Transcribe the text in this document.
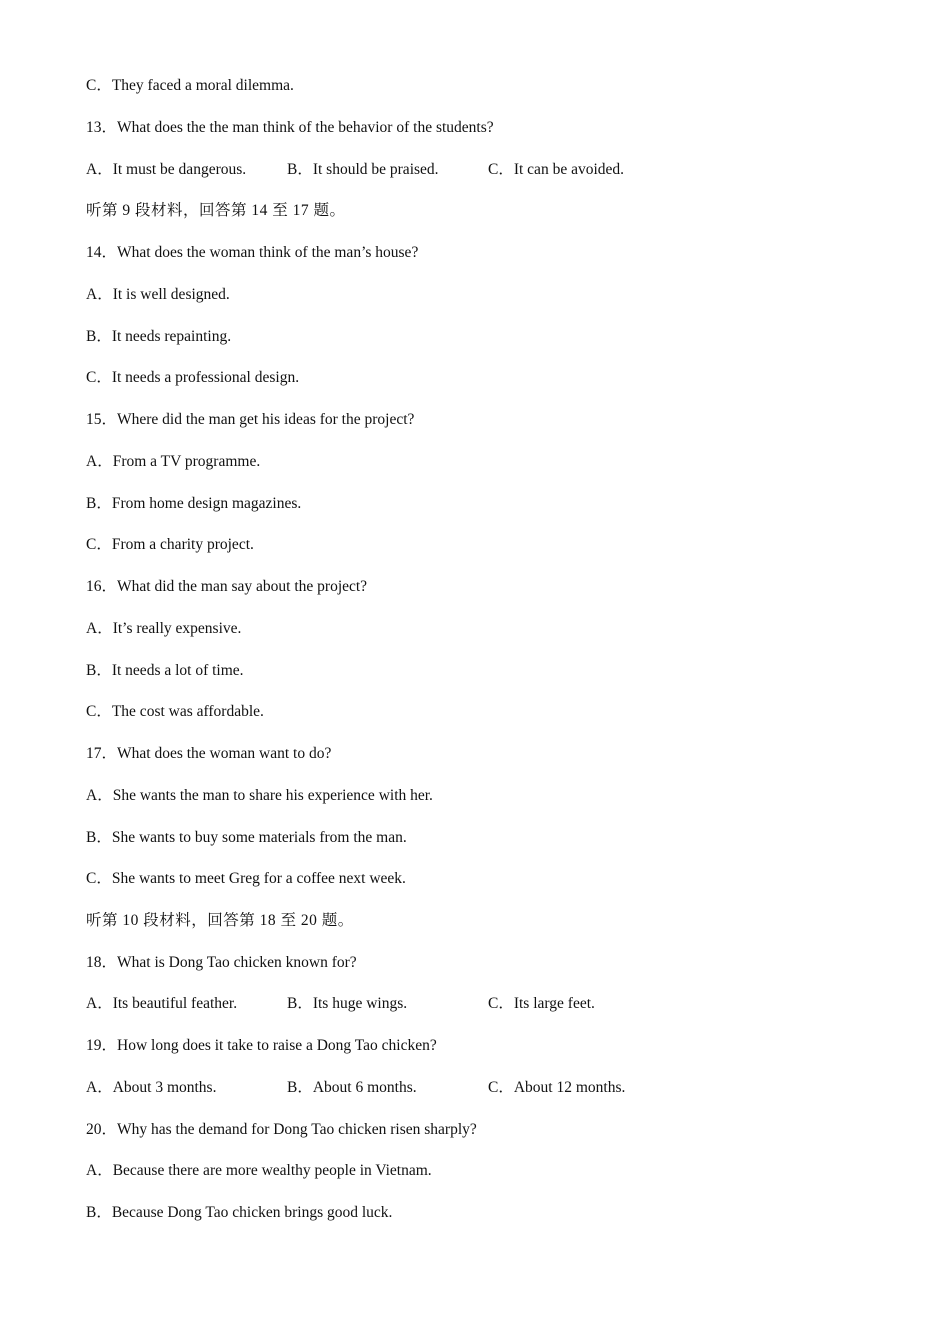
C．They faced a moral dilemma.
13．What does the the man think of the behavior of the students?
A．It must be dangerous.	B．It should be praised.	C．It can be avoided.
听第 9 段材料，回答第 14 至 17 题。
14．What does the woman think of the man’s house?
A．It is well designed.
B．It needs repainting.
C．It needs a professional design.
15．Where did the man get his ideas for the project?
A．From a TV programme.
B．From home design magazines.
C．From a charity project.
16．What did the man say about the project?
A．It’s really expensive.
B．It needs a lot of time.
C．The cost was affordable.
17．What does the woman want to do?
A．She wants the man to share his experience with her.
B．She wants to buy some materials from the man.
C．She wants to meet Greg for a coffee next week.
听第 10 段材料，回答第 18 至 20 题。
18．What is Dong Tao chicken known for?
A．Its beautiful feather.	B．Its huge wings.	C．Its large feet.
19．How long does it take to raise a Dong Tao chicken?
A．About 3 months.	B．About 6 months.	C．About 12 months.
20．Why has the demand for Dong Tao chicken risen sharply?
A．Because there are more wealthy people in Vietnam.
B．Because Dong Tao chicken brings good luck.
